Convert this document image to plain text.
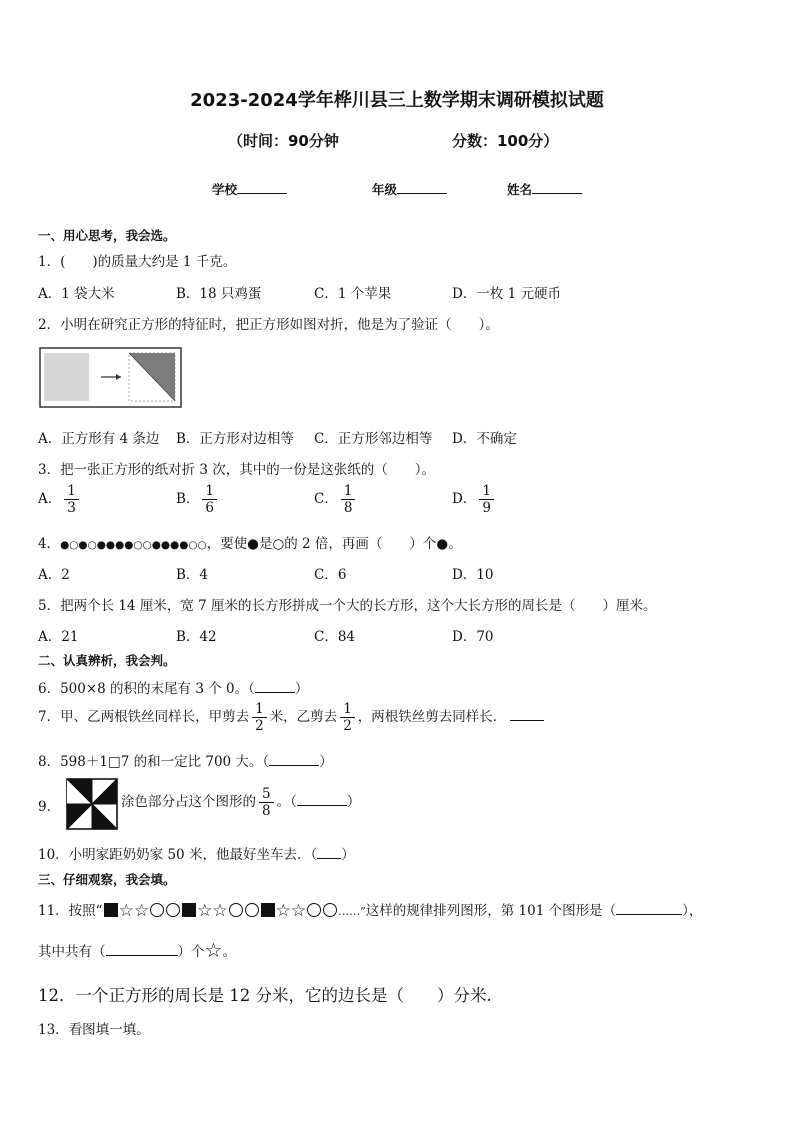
2023-2024学年桦川县三上数学期末调研模拟试题
（时间：90分钟	分数：100分）
学校	年级	姓名
一、用心思考，我会选。
1．(　　)的质量大约是 1 千克。
A．1 袋大米	B．18 只鸡蛋	C．1 个苹果	D．一枚 1 元硬币
2．小明在研究正方形的特征时，把正方形如图对折，他是为了验证（　　）。
A．正方形有 4 条边 B．正方形对边相等 C．正方形邻边相等 D．不确定
3．把一张正方形的纸对折 3 次，其中的一份是这张纸的（　　）。
A． $\frac{1}{3}$	B． $\frac{1}{6}$	C． $\frac{1}{8}$	D． $\frac{1}{9}$
4．●○●○●●●●○○●●●●○○，要使●是○的 2 倍，再画（　　）个●。
A．2	B．4	C．6	D．10
5．把两个长 14 厘米，宽 7 厘米的长方形拼成一个大的长方形，这个大长方形的周长是（　　）厘米。
A．21	B．42	C．84	D．70
二、认真辨析，我会判。
6．500×8 的积的末尾有 3 个 0。（	）
7．甲、乙两根铁丝同样长，甲剪去 $\frac{1}{2}$ 米，乙剪去 $\frac{1}{2}$ ，两根铁丝剪去同样长．
8．598＋1□7 的和一定比 700 大。（	）
9．	涂色部分占这个图形的 $\frac{5}{8}$ 。（	）
10．小明家距奶奶家 50 米，他最好坐车去．（ ）
三、仔细观察，我会填。
11．按照“ ☆☆	☆☆	☆☆	……”这样的规律排列图形，第 101 个图形是（	），
其中共有（	）个☆。
12．一个正方形的周长是 12 分米，它的边长是（　　）分米.
13．看图填一填。
